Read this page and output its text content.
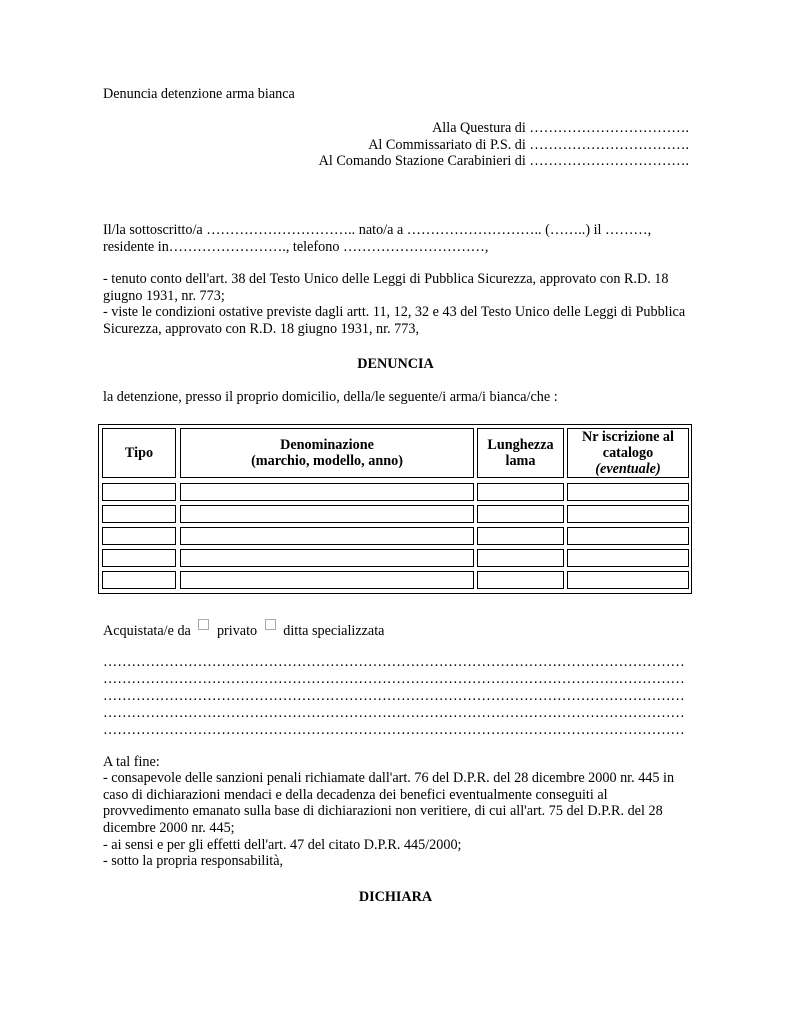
Denuncia detenzione arma bianca
Alla Questura di …………………………….
Al Commissariato di P.S. di …………………………….
Al Comando Stazione Carabinieri di …………………………….
Il/la sottoscritto/a ………………………….. nato/a a ……………………….. (……..) il ………,
residente in……………………., telefono …………………………,
- tenuto conto dell'art. 38 del Testo Unico delle Leggi di Pubblica Sicurezza, approvato con R.D. 18 giugno 1931, nr. 773;
- viste le condizioni ostative previste dagli artt. 11, 12, 32 e 43 del Testo Unico delle Leggi di Pubblica Sicurezza, approvato con R.D. 18 giugno 1931, nr. 773,
DENUNCIA
la detenzione, presso il proprio domicilio, della/le seguente/i arma/i bianca/che :
Tipo	Denominazione
(marchio, modello, anno)
Lunghezza
lama
Nr iscrizione al
catalogo
(eventuale)
Acquistata/e da privato ditta specializzata
……………………………………………………………………………………………………………
……………………………………………………………………………………………………………
……………………………………………………………………………………………………………
……………………………………………………………………………………………………………
……………………………………………………………………………………………………………
A tal fine:
- consapevole delle sanzioni penali richiamate dall'art. 76 del D.P.R. del 28 dicembre 2000 nr. 445 in caso di dichiarazioni mendaci e della decadenza dei benefici eventualmente conseguiti al provvedimento emanato sulla base di dichiarazioni non veritiere, di cui all'art. 75 del D.P.R. del 28 dicembre 2000 nr. 445;
- ai sensi e per gli effetti dell'art. 47 del citato D.P.R. 445/2000;
- sotto la propria responsabilità,
DICHIARA
